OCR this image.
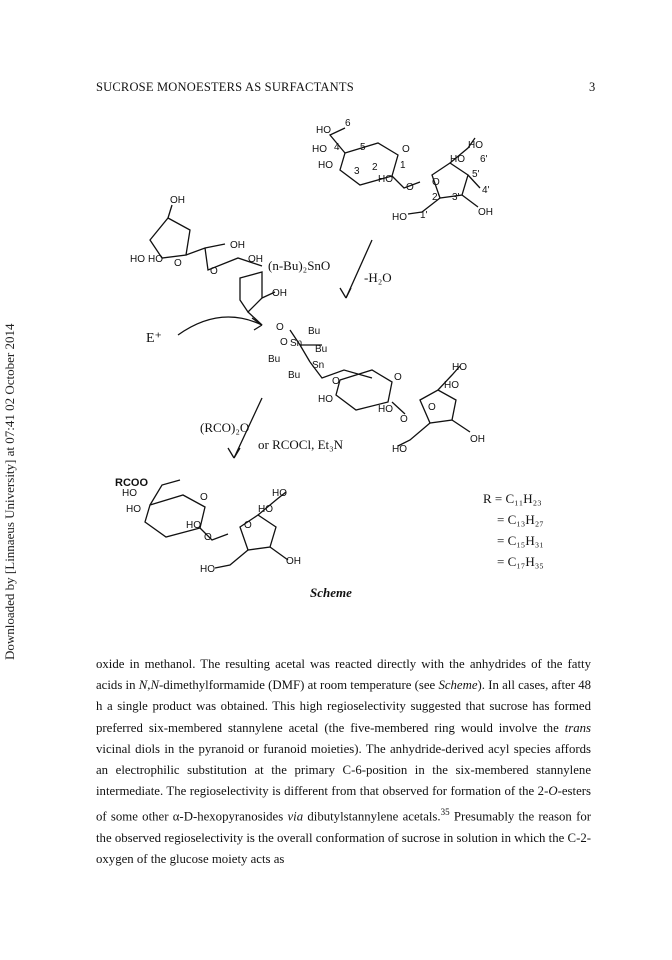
SUCROSE MONOESTERS AS SURFACTANTS	3
Downloaded by [Linnaeus University] at 07:41 02 October 2014
HO
HO
HO
O
6
5
4
3 2 1
HO
O
HO
HO 6'
5'
4'
3'
2'
O
1'
HO	OH
OH
HO HO O
OH
OH
O
OH
O
O Sn
Sn
Bu
Bu
Bu
Bu
O	O
HO
HO
O
HO
HO
O
HO
OH
HO
HO
O
HO
O
HO
HO
O
HO
OH
(n-Bu)₂SnO
-H₂O
E⁺
(RCO)₂O
or RCOCl, Et₃N
R = C₁₁H₂₃
= C₁₃H₂₇
= C₁₅H₃₁
= C₁₇H₃₅
RCOO
Scheme

oxide in methanol. The resulting acetal was reacted directly with the anhydrides of the fatty acids in N,N-dimethylformamide (DMF) at room temperature (see Scheme). In all cases, after 48 h a single product was obtained. This high regioselectivity suggested that sucrose has formed preferred six-membered stannylene acetal (the five-membered ring would involve the trans vicinal diols in the pyranoid or furanoid moieties). The anhydride-derived acyl species affords an electrophilic substitution at the primary C-6-position in the six-membered stannylene intermediate. The regioselectivity is different from that observed for formation of the 2-O-esters of some other α-D-hexopyranosides via dibutylstannylene acetals.$^{35}$ Presumably the reason for the observed regioselectivity is the overall conformation of sucrose in solution in which the C-2-oxygen of the glucose moiety acts as
